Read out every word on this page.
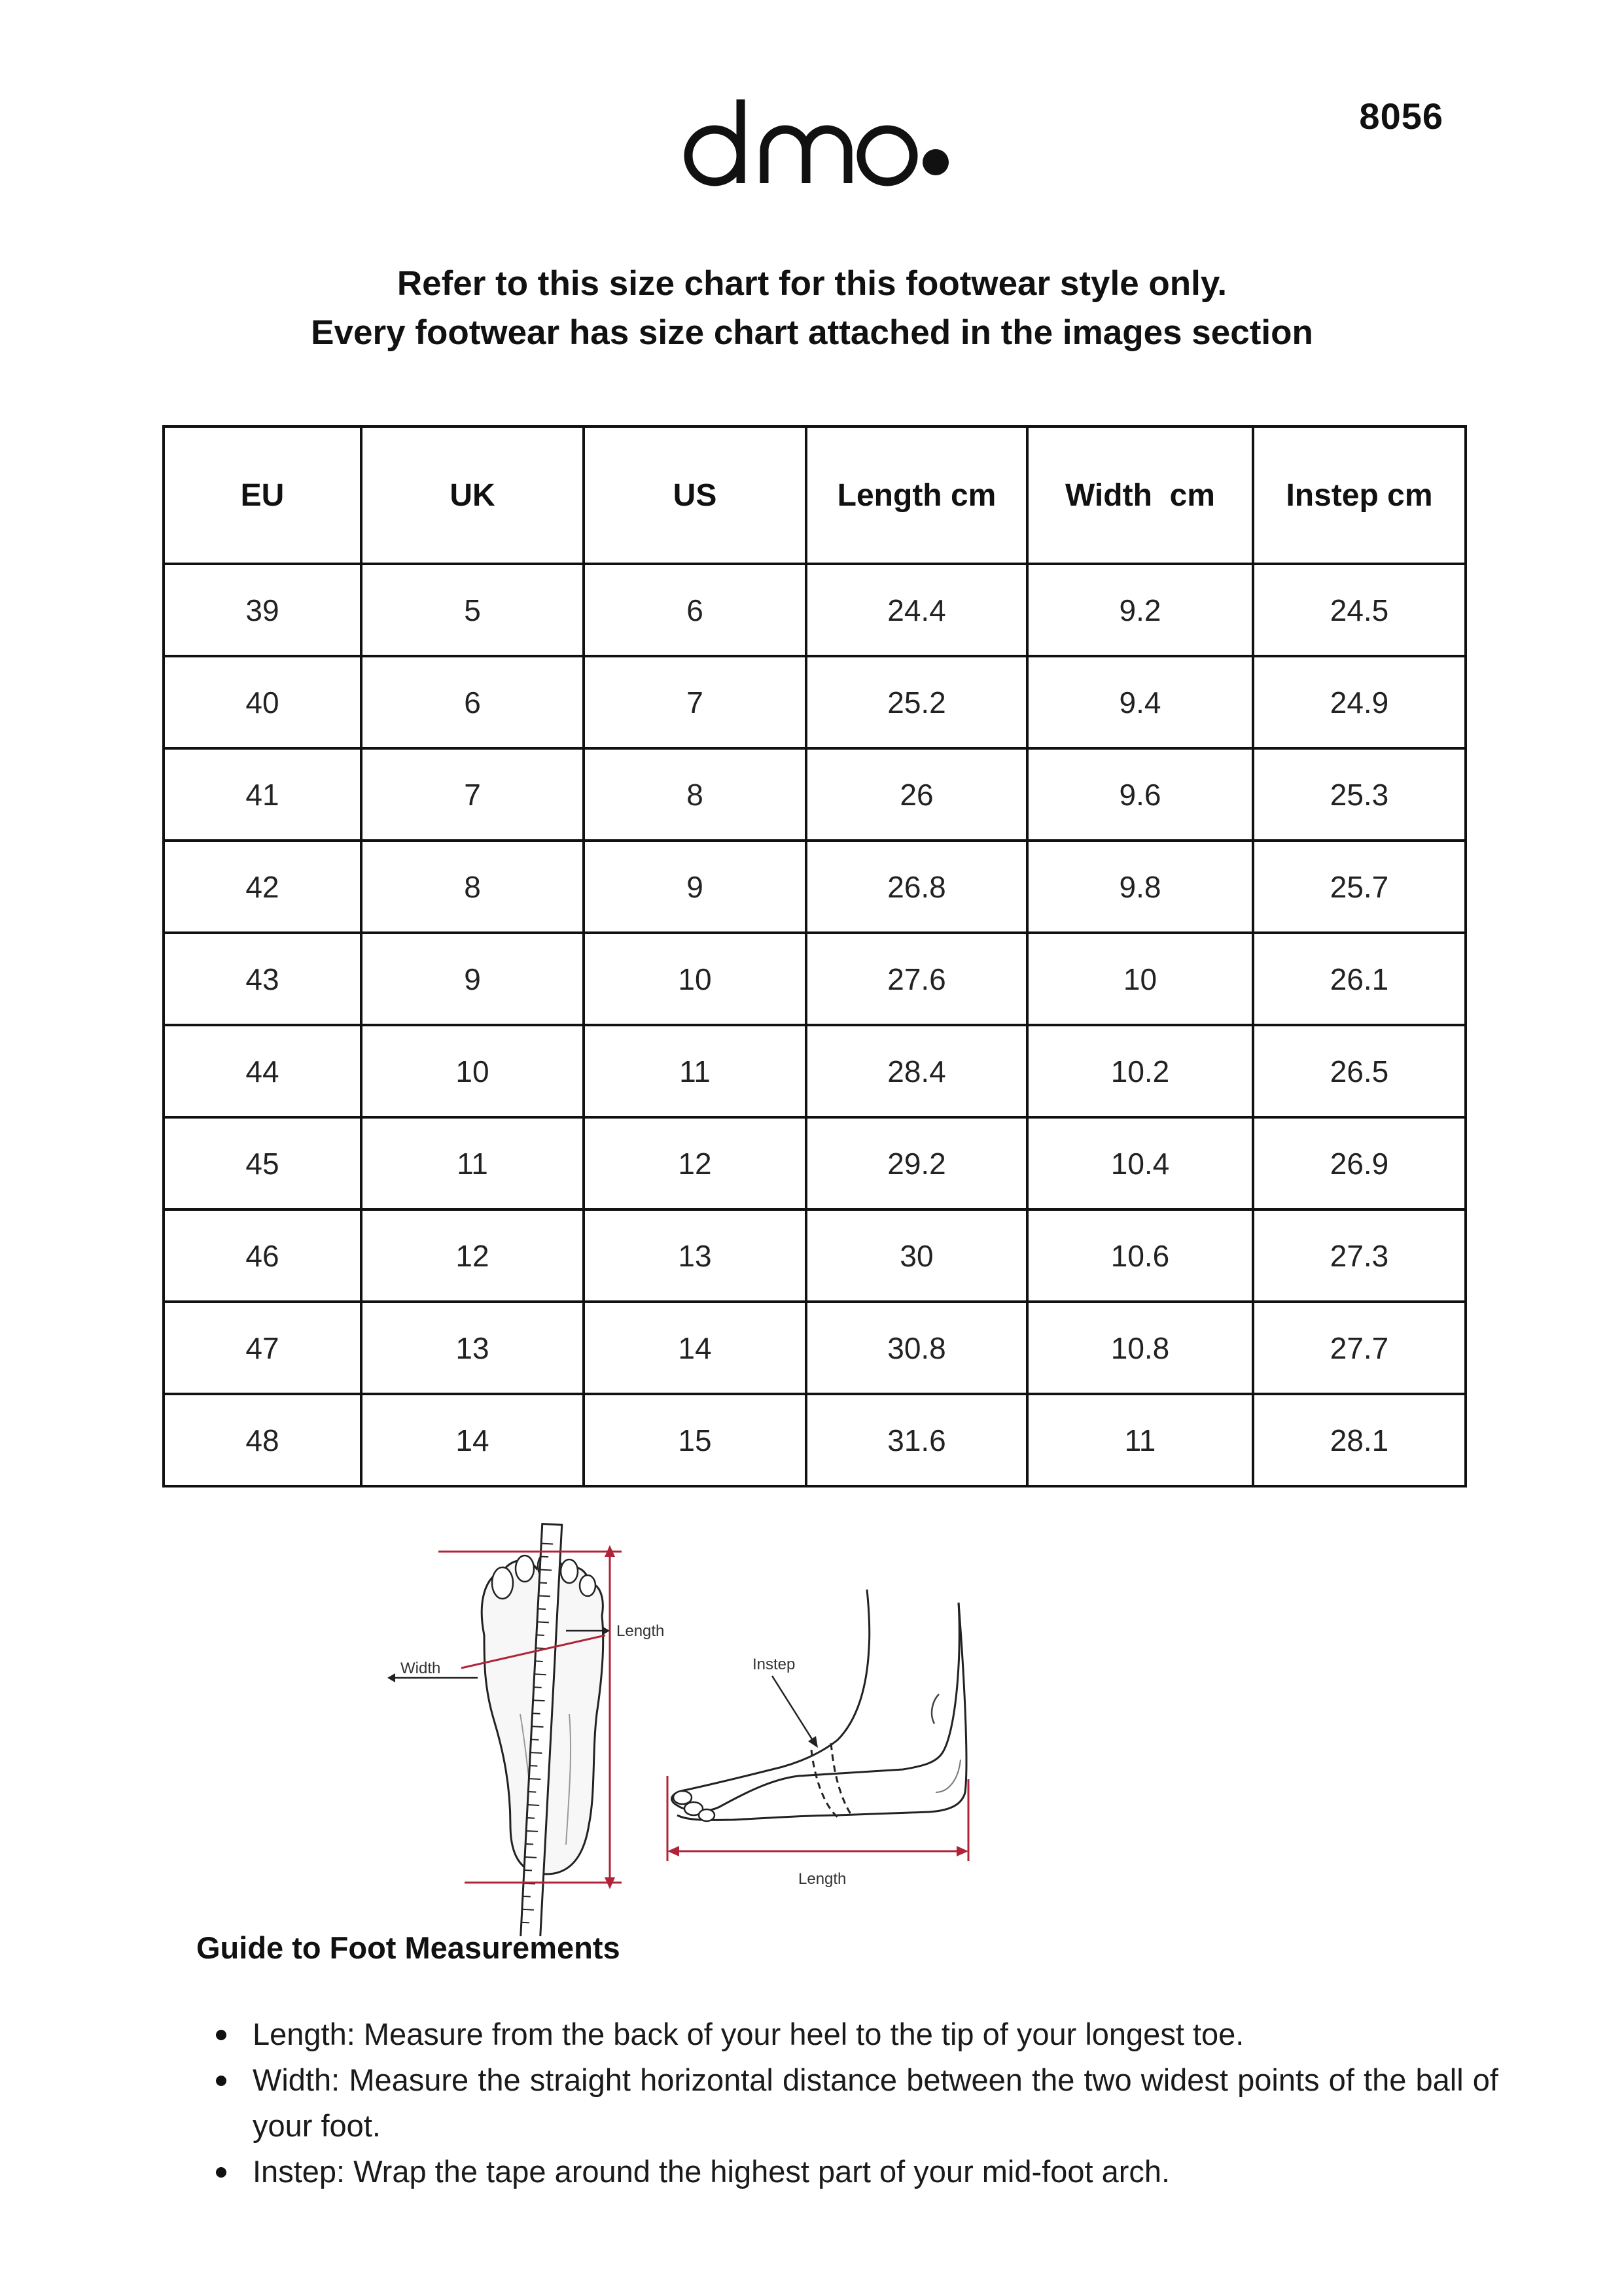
8056
Refer to this size chart for this footwear style only.
Every footwear has size chart attached in the images section
EU	UK	US	Length cm	Width  cm	Instep cm
39	5	6	24.4	9.2	24.5
40	6	7	25.2	9.4	24.9
41	7	8	26	9.6	25.3
42	8	9	26.8	9.8	25.7
43	9	10	27.6	10	26.1
44	10	11	28.4	10.2	26.5
45	11	12	29.2	10.4	26.9
46	12	13	30	10.6	27.3
47	13	14	30.8	10.8	27.7
48	14	15	31.6	11	28.1
Length
Width	Instep
Length
Guide to Foot Measurements
Length: Measure from the back of your heel to the tip of your longest toe.
Width: Measure the straight horizontal distance between the two widest points of the ball of your foot.
Instep: Wrap the tape around the highest part of your mid-foot arch.
